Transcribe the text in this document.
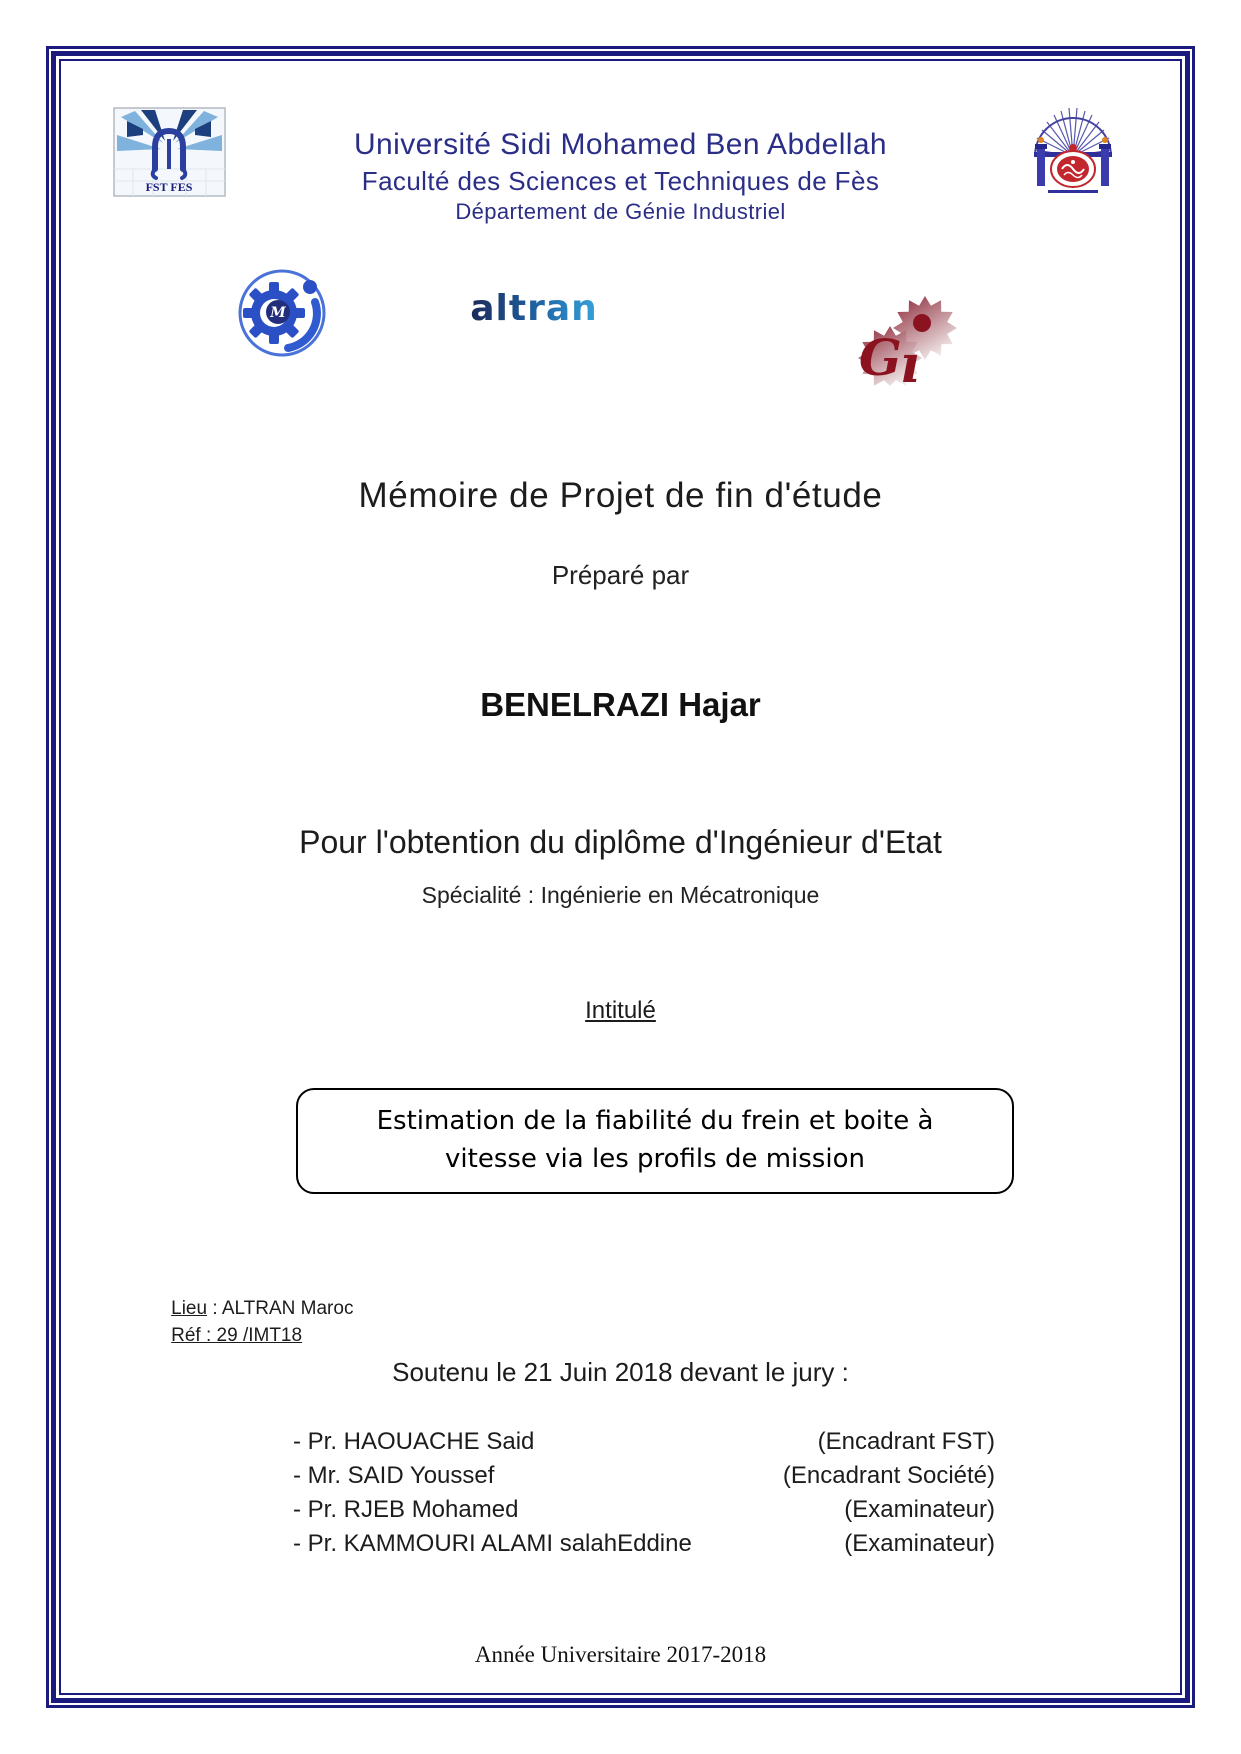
FST FES
Université Sidi Mohamed Ben Abdellah
Faculté des Sciences et Techniques de Fès
Département de Génie Industriel
M	altran
G
ı
Mémoire de Projet de fin d'étude
Préparé par
BENELRAZI Hajar
Pour l'obtention du diplôme d'Ingénieur d'Etat
Spécialité : Ingénierie en Mécatronique
Intitulé
Estimation de la fiabilité du frein et boite à
vitesse via les profils de mission

Lieu : ALTRAN Maroc

Réf : 29 /IMT18

Soutenu le 21 Juin 2018 devant le jury :
- Pr. HAOUACHE Said	(Encadrant FST)
- Mr. SAID Youssef	(Encadrant Société)
- Pr. RJEB Mohamed	(Examinateur)
- Pr. KAMMOURI ALAMI salahEddine	(Examinateur)
Année Universitaire 2017-2018
